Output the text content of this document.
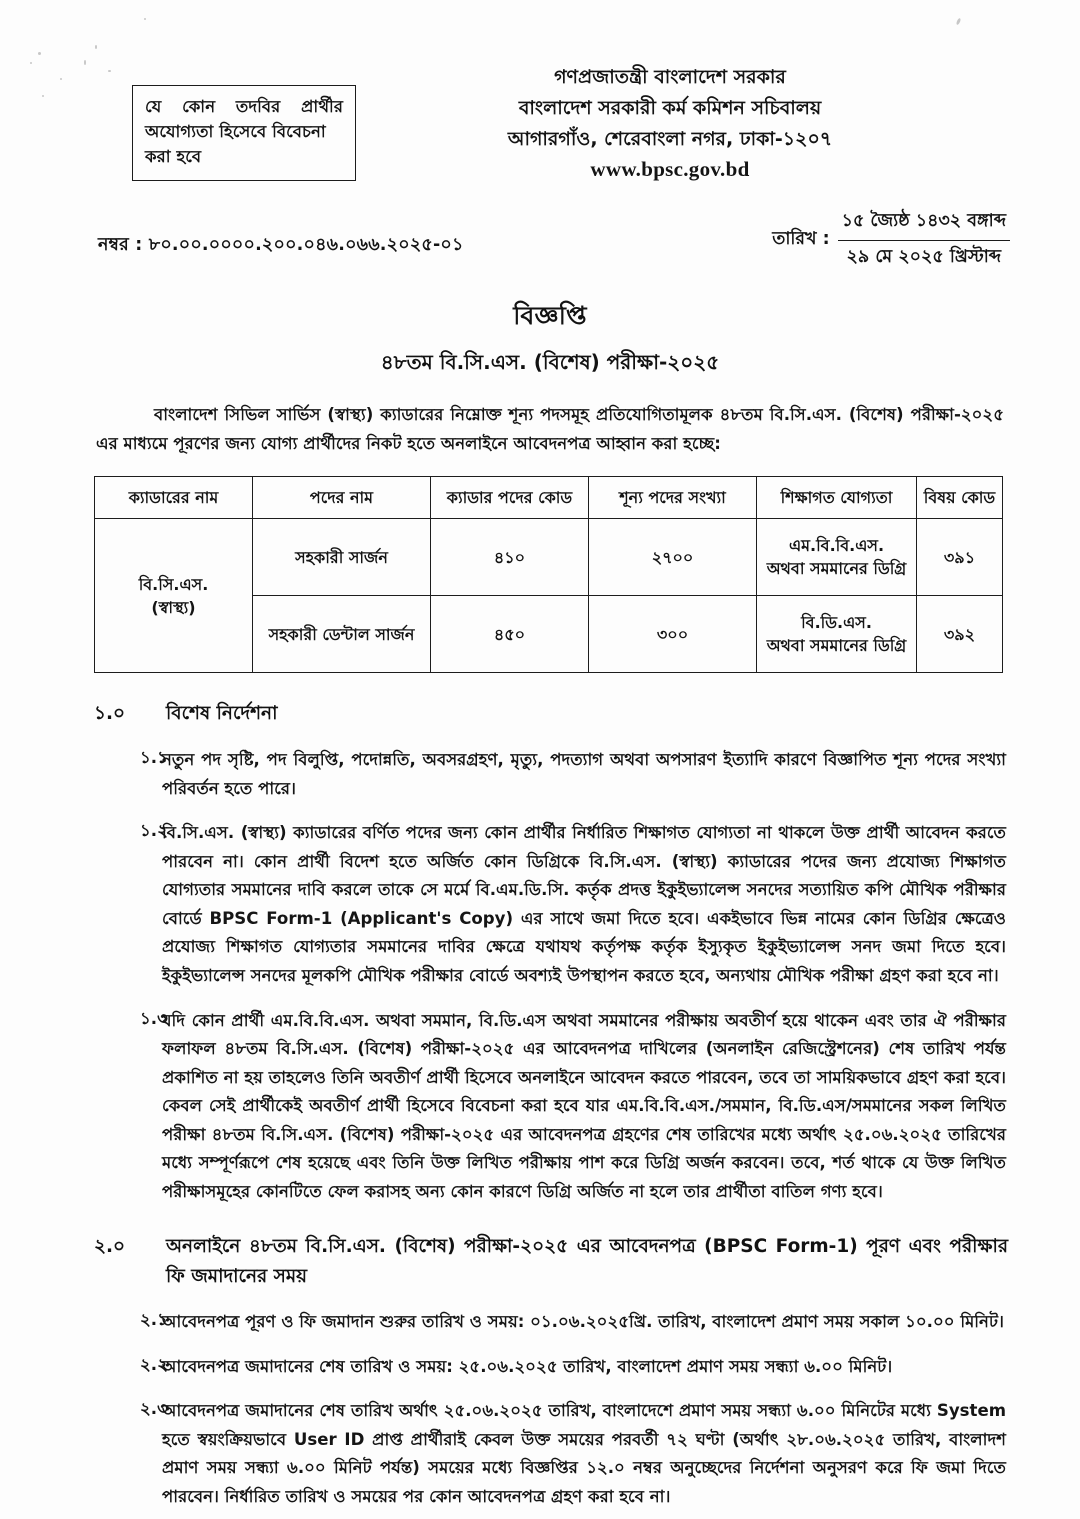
যে কোন তদবির প্রার্থীর
অযোগ্যতা হিসেবে বিবেচনা
করা হবে
গণপ্রজাতন্ত্রী বাংলাদেশ সরকার
বাংলাদেশ সরকারী কর্ম কমিশন সচিবালয়
আগারগাঁও, শেরেবাংলা নগর, ঢাকা-১২০৭
www.bpsc.gov.bd
নম্বর : ৮০.০০.০০০০.২০০.০৪৬.০৬৬.২০২৫-০১	তারিখ :
১৫ জ্যৈষ্ঠ ১৪৩২ বঙ্গাব্দ
২৯ মে ২০২৫ খ্রিস্টাব্দ
বিজ্ঞপ্তি
৪৮তম বি.সি.এস. (বিশেষ) পরীক্ষা-২০২৫
বাংলাদেশ সিভিল সার্ভিস (স্বাস্থ্য) ক্যাডারের নিম্নোক্ত শূন্য পদসমূহ প্রতিযোগিতামূলক ৪৮তম বি.সি.এস. (বিশেষ) পরীক্ষা-২০২৫ এর মাধ্যমে পূরণের জন্য যোগ্য প্রার্থীদের নিকট হতে অনলাইনে আবেদনপত্র আহ্বান করা হচ্ছে:
ক্যাডারের নাম	পদের নাম	ক্যাডার পদের কোড	শূন্য পদের সংখ্যা	শিক্ষাগত যোগ্যতা	বিষয় কোড

বি.সি.এস.
(স্বাস্থ্য)	সহকারী সার্জন	৪১০	২৭০০	এম.বি.বি.এস.
অথবা সমমানের ডিগ্রি	৩৯১
	সহকারী ডেন্টাল সার্জন	৪৫০	৩০০	বি.ডি.এস.
অথবা সমমানের ডিগ্রি	৩৯২
১.০	বিশেষ নির্দেশনা
১.১
নতুন পদ সৃষ্টি, পদ বিলুপ্তি, পদোন্নতি, অবসরগ্রহণ, মৃত্যু, পদত্যাগ অথবা অপসারণ ইত্যাদি কারণে বিজ্ঞাপিত শূন্য পদের সংখ্যা পরিবর্তন হতে পারে।
১.২
বি.সি.এস. (স্বাস্থ্য) ক্যাডারের বর্ণিত পদের জন্য কোন প্রার্থীর নির্ধারিত শিক্ষাগত যোগ্যতা না থাকলে উক্ত প্রার্থী আবেদন করতে পারবেন না। কোন প্রার্থী বিদেশ হতে অর্জিত কোন ডিগ্রিকে বি.সি.এস. (স্বাস্থ্য) ক্যাডারের পদের জন্য প্রযোজ্য শিক্ষাগত যোগ্যতার সমমানের দাবি করলে তাকে সে মর্মে বি.এম.ডি.সি. কর্তৃক প্রদত্ত ইকুইভ্যালেন্স সনদের সত্যায়িত কপি মৌখিক পরীক্ষার বোর্ডে BPSC Form-1 (Applicant's Copy) এর সাথে জমা দিতে হবে। একইভাবে ভিন্ন নামের কোন ডিগ্রির ক্ষেত্রেও প্রযোজ্য শিক্ষাগত যোগ্যতার সমমানের দাবির ক্ষেত্রে যথাযথ কর্তৃপক্ষ কর্তৃক ইস্যুকৃত ইকুইভ্যালেন্স সনদ জমা দিতে হবে। ইকুইভ্যালেন্স সনদের মূলকপি মৌখিক পরীক্ষার বোর্ডে অবশ্যই উপস্থাপন করতে হবে, অন্যথায় মৌখিক পরীক্ষা গ্রহণ করা হবে না।
১.৩
যদি কোন প্রার্থী এম.বি.বি.এস. অথবা সমমান, বি.ডি.এস অথবা সমমানের পরীক্ষায় অবতীর্ণ হয়ে থাকেন এবং তার ঐ পরীক্ষার ফলাফল ৪৮তম বি.সি.এস. (বিশেষ) পরীক্ষা-২০২৫ এর আবেদনপত্র দাখিলের (অনলাইন রেজিস্ট্রেশনের) শেষ তারিখ পর্যন্ত প্রকাশিত না হয় তাহলেও তিনি অবতীর্ণ প্রার্থী হিসেবে অনলাইনে আবেদন করতে পারবেন, তবে তা সাময়িকভাবে গ্রহণ করা হবে। কেবল সেই প্রার্থীকেই অবতীর্ণ প্রার্থী হিসেবে বিবেচনা করা হবে যার এম.বি.বি.এস./সমমান, বি.ডি.এস/সমমানের সকল লিখিত পরীক্ষা ৪৮তম বি.সি.এস. (বিশেষ) পরীক্ষা-২০২৫ এর আবেদনপত্র গ্রহণের শেষ তারিখের মধ্যে অর্থাৎ ২৫.০৬.২০২৫ তারিখের মধ্যে সম্পূর্ণরূপে শেষ হয়েছে এবং তিনি উক্ত লিখিত পরীক্ষায় পাশ করে ডিগ্রি অর্জন করবেন। তবে, শর্ত থাকে যে উক্ত লিখিত পরীক্ষাসমূহের কোনটিতে ফেল করাসহ অন্য কোন কারণে ডিগ্রি অর্জিত না হলে তার প্রার্থীতা বাতিল গণ্য হবে।
২.০	অনলাইনে ৪৮তম বি.সি.এস. (বিশেষ) পরীক্ষা-২০২৫ এর আবেদনপত্র (BPSC Form-1) পূরণ এবং পরীক্ষার ফি জমাদানের সময়
২.১
আবেদনপত্র পূরণ ও ফি জমাদান শুরুর তারিখ ও সময়: ০১.০৬.২০২৫খ্রি. তারিখ, বাংলাদেশ প্রমাণ সময় সকাল ১০.০০ মিনিট।
২.২
আবেদনপত্র জমাদানের শেষ তারিখ ও সময়: ২৫.০৬.২০২৫ তারিখ, বাংলাদেশ প্রমাণ সময় সন্ধ্যা ৬.০০ মিনিট।
২.৩
আবেদনপত্র জমাদানের শেষ তারিখ অর্থাৎ ২৫.০৬.২০২৫ তারিখ, বাংলাদেশে প্রমাণ সময় সন্ধ্যা ৬.০০ মিনিটের মধ্যে System হতে স্বয়ংক্রিয়ভাবে User ID প্রাপ্ত প্রার্থীরাই কেবল উক্ত সময়ের পরবর্তী ৭২ ঘণ্টা (অর্থাৎ ২৮.০৬.২০২৫ তারিখ, বাংলাদশ প্রমাণ সময় সন্ধ্যা ৬.০০ মিনিট পর্যন্ত) সময়ের মধ্যে বিজ্ঞপ্তির ১২.০ নম্বর অনুচ্ছেদের নির্দেশনা অনুসরণ করে ফি জমা দিতে পারবেন। নির্ধারিত তারিখ ও সময়ের পর কোন আবেদনপত্র গ্রহণ করা হবে না।
